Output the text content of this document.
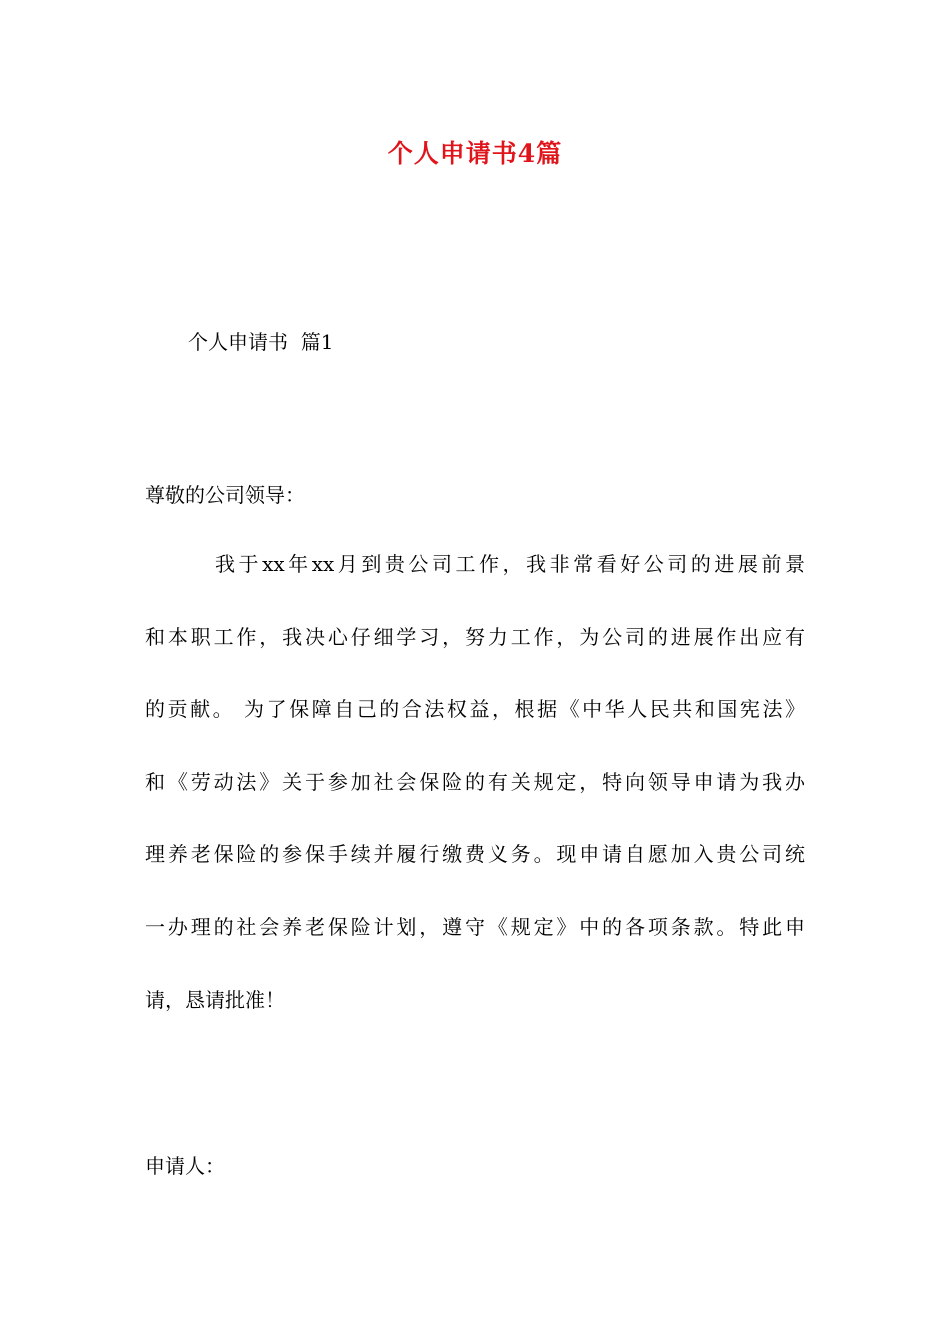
个人申请书4篇
个人申请书  篇1
尊敬的公司领导：
我于xx年xx月到贵公司工作，我非常看好公司的进展前景
和本职工作，我决心仔细学习，努力工作，为公司的进展作出应有
的贡献。 为了保障自己的合法权益，根据《中华人民共和国宪法》
和《劳动法》关于参加社会保险的有关规定，特向领导申请为我办
理养老保险的参保手续并履行缴费义务。现申请自愿加入贵公司统
一办理的社会养老保险计划，遵守《规定》中的各项条款。特此申
请，恳请批准！
申请人：
